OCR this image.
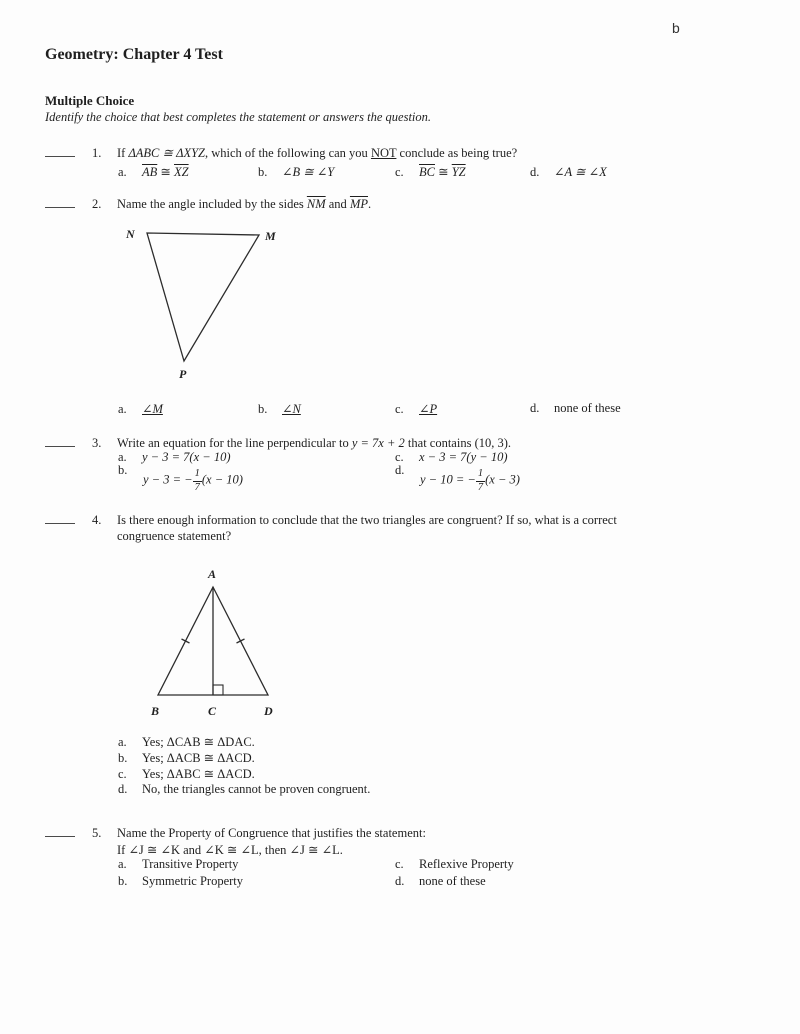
b
Geometry: Chapter 4 Test
Multiple Choice
Identify the choice that best completes the statement or answers the question.
1. If ΔABC ≅ ΔXYZ, which of the following can you NOT conclude as being true?
a. $\overline{AB}$ ≅ $\overline{XZ}$	b. ∠B ≅ ∠Y	c. $\overline{BC}$ ≅ $\overline{YZ}$	d. ∠A ≅ ∠X
2. Name the angle included by the sides $\overline{NM}$ and $\overline{MP}$.
N	M
P
a. ∠M	b. ∠N	c. ∠P	d. none of these
3. Write an equation for the line perpendicular to y = 7x + 2 that contains (10, 3).
a. y − 3 = 7(x − 10)	c. x − 3 = 7(y − 10)
b.
y − 3 = − $\frac{1}{7} (x - 10)$
d.
y − 10 = − $\frac{1}{7} (x - 3)$
4. Is there enough information to conclude that the two triangles are congruent? If so, what is a correct
congruence statement?
A
B	C	D
a. Yes; ΔCAB ≅ ΔDAC.
b. Yes; ΔACB ≅ ΔACD.
c. Yes; ΔABC ≅ ΔACD.
d. No, the triangles cannot be proven congruent.
5. Name the Property of Congruence that justifies the statement:
If ∠J ≅ ∠K and ∠K ≅ ∠L, then ∠J ≅ ∠L.
a. Transitive Property	c. Reflexive Property
b. Symmetric Property	d. none of these
